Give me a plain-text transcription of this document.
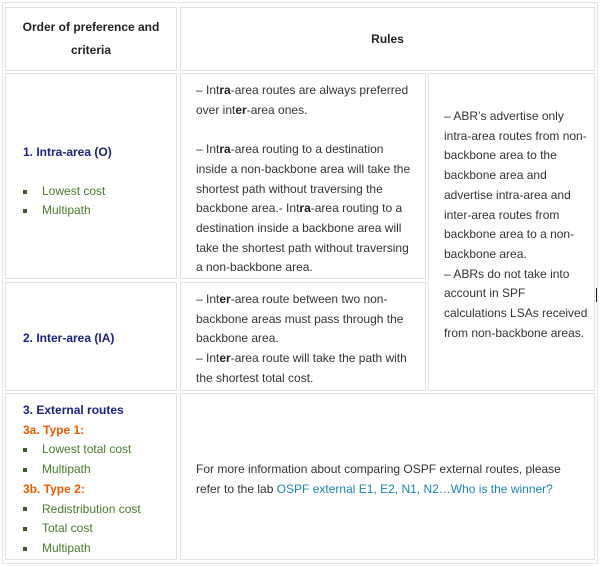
Order of preference and criteria
Rules
1. Intra-area (O)
Lowest cost
Multipath
– Intra-area routes are always preferred over inter-area ones.
– Intra-area routing to a destination inside a non-backbone area will take the shortest path without traversing the backbone area.- Intra-area routing to a destination inside a backbone area will take the shortest path without traversing a non-backbone area.
– ABR’s advertise only intra-area routes from non-backbone area to the backbone area and advertise intra-area and inter-area routes from backbone area to a non-backbone area.
– ABRs do not take into account in SPF calculations LSAs received from non-backbone areas.
2. Inter-area (IA)
– Inter-area route between two non-backbone areas must pass through the backbone area.
– Inter-area route will take the path with the shortest total cost.
3. External routes
3a. Type 1:
Lowest total cost
Multipath
3b. Type 2:
Redistribution cost
Total cost
Multipath
For more information about comparing OSPF external routes, please refer to the lab OSPF external E1, E2, N1, N2…Who is the winner?
